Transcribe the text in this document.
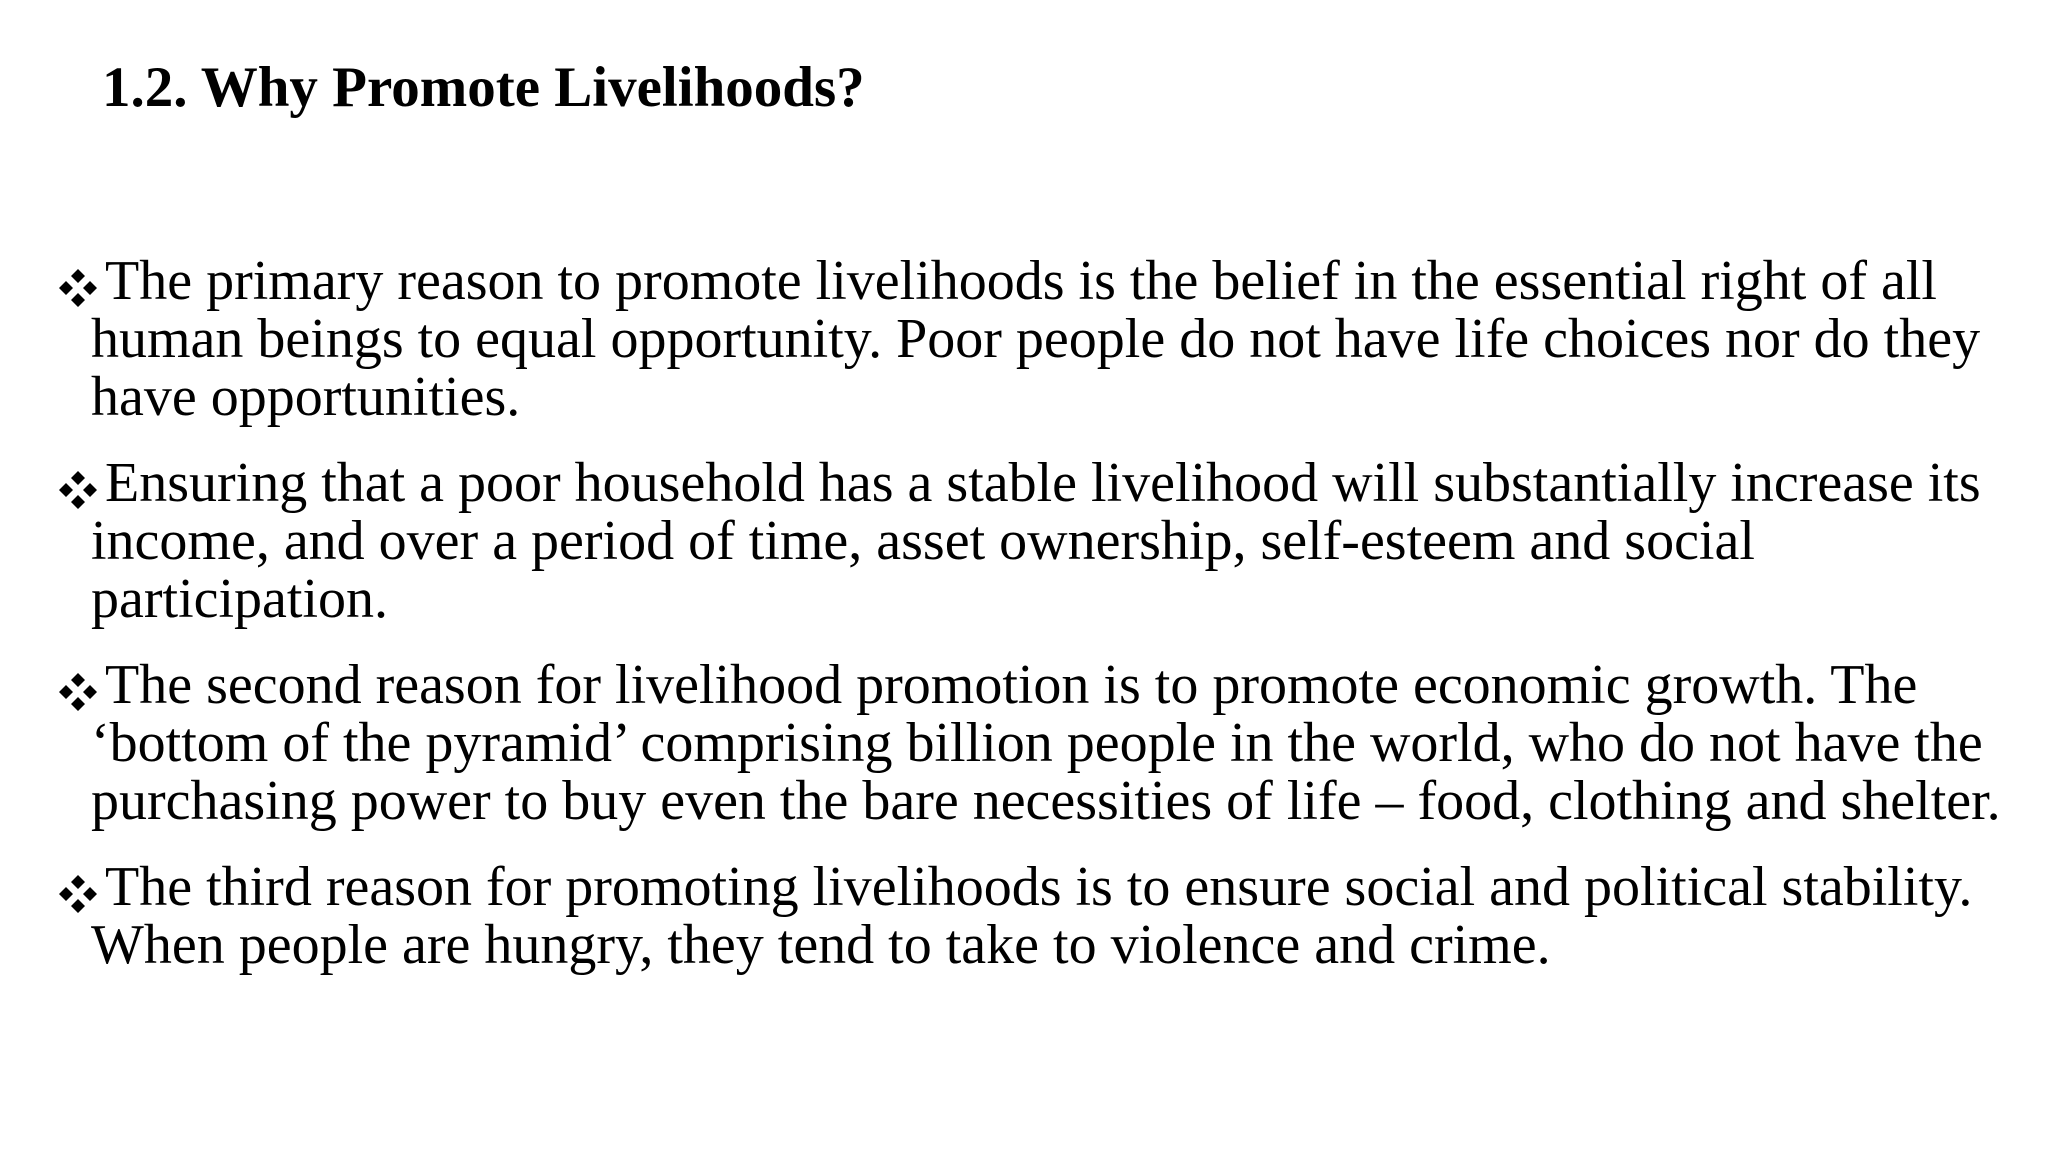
1.2. Why Promote Livelihoods?
The primary reason to promote livelihoods is the belief in the essential right of all human beings to equal opportunity. Poor people do not have life choices nor do they have opportunities.
Ensuring that a poor household has a stable livelihood will substantially increase its income, and over a period of time, asset ownership, self-esteem and social participation.
The second reason for livelihood promotion is to promote economic growth. The ‘bottom of the pyramid’ comprising billion people in the world, who do not have the purchasing power to buy even the bare necessities of life – food, clothing and shelter.
The third reason for promoting livelihoods is to ensure social and political stability. When people are hungry, they tend to take to violence and crime.
